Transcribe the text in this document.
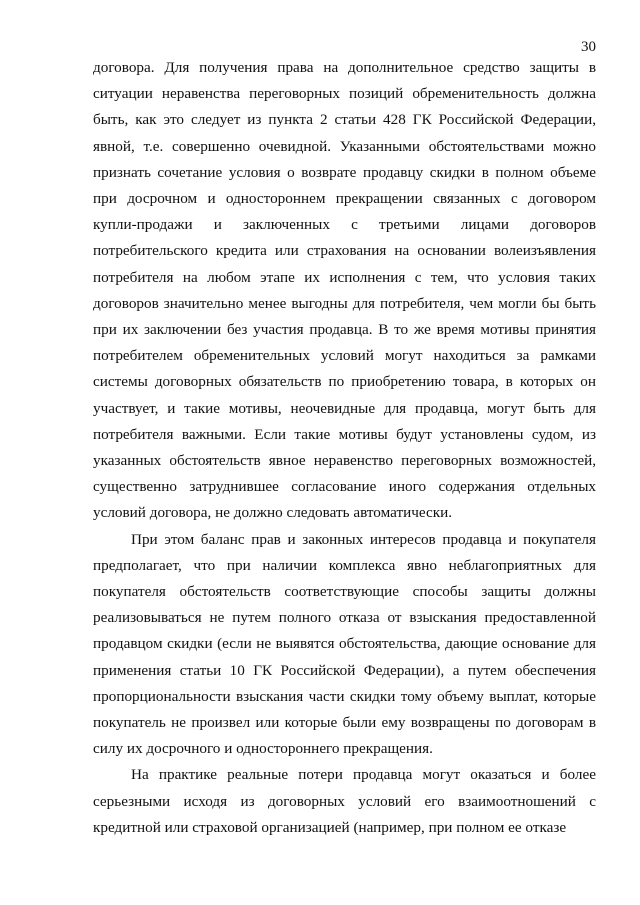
30

договора. Для получения права на дополнительное средство защиты в ситуации неравенства переговорных позиций обременительность должна быть, как это следует из пункта 2 статьи 428 ГК Российской Федерации, явной, т.е. совершенно очевидной. Указанными обстоятельствами можно признать сочетание условия о возврате продавцу скидки в полном объеме при досрочном и одностороннем прекращении связанных с договором купли-продажи и заключенных с третьими лицами договоров потребительского кредита или страхования на основании волеизъявления потребителя на любом этапе их исполнения с тем, что условия таких договоров значительно менее выгодны для потребителя, чем могли бы быть при их заключении без участия продавца. В то же время мотивы принятия потребителем обременительных условий могут находиться за рамками системы договорных обязательств по приобретению товара, в которых он участвует, и такие мотивы, неочевидные для продавца, могут быть для потребителя важными. Если такие мотивы будут установлены судом, из указанных обстоятельств явное неравенство переговорных возможностей, существенно затруднившее согласование иного содержания отдельных условий договора, не должно следовать автоматически.

При этом баланс прав и законных интересов продавца и покупателя предполагает, что при наличии комплекса явно неблагоприятных для покупателя обстоятельств соответствующие способы защиты должны реализовываться не путем полного отказа от взыскания предоставленной продавцом скидки (если не выявятся обстоятельства, дающие основание для применения статьи 10 ГК Российской Федерации), а путем обеспечения пропорциональности взыскания части скидки тому объему выплат, которые покупатель не произвел или которые были ему возвращены по договорам в силу их досрочного и одностороннего прекращения.

На практике реальные потери продавца могут оказаться и более серьезными исходя из договорных условий его взаимоотношений с кредитной или страховой организацией (например, при полном ее отказе
